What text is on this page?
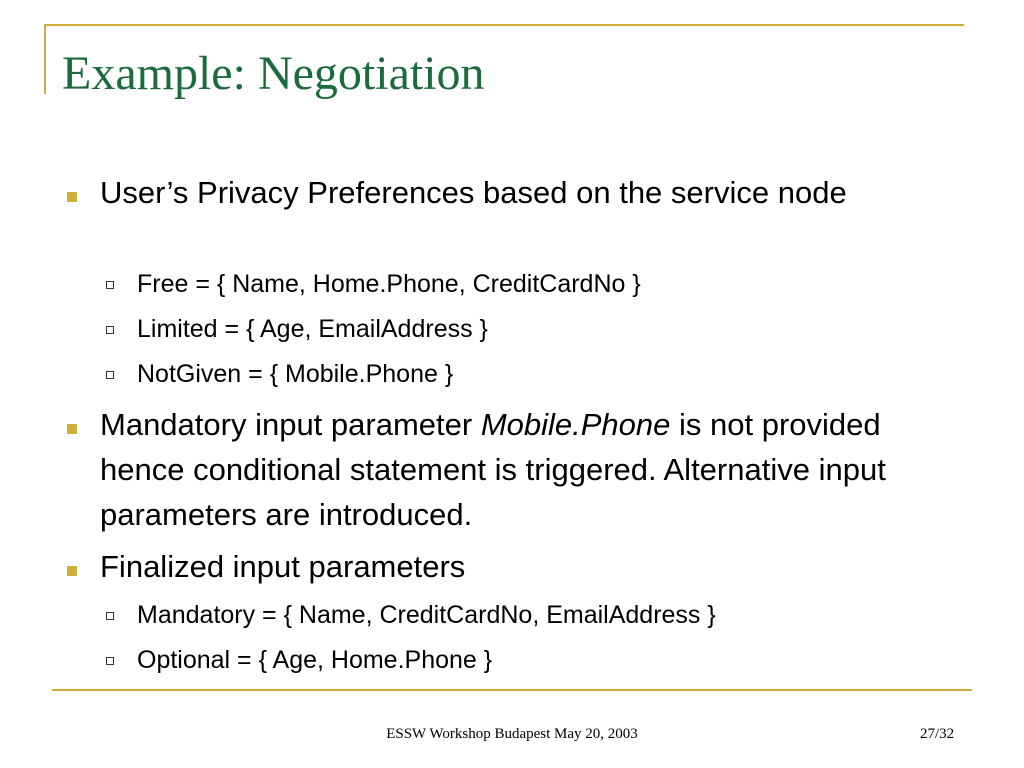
Example: Negotiation
User’s Privacy Preferences based on the service node
Free = { Name, Home.Phone, CreditCardNo }
Limited = { Age, EmailAddress }
NotGiven = { Mobile.Phone }
Mandatory input parameter Mobile.Phone is not provided hence conditional statement is triggered. Alternative input parameters are introduced.
Finalized input parameters
Mandatory = { Name, CreditCardNo, EmailAddress }
Optional = { Age, Home.Phone }
ESSW Workshop Budapest May 20, 2003	27/32
